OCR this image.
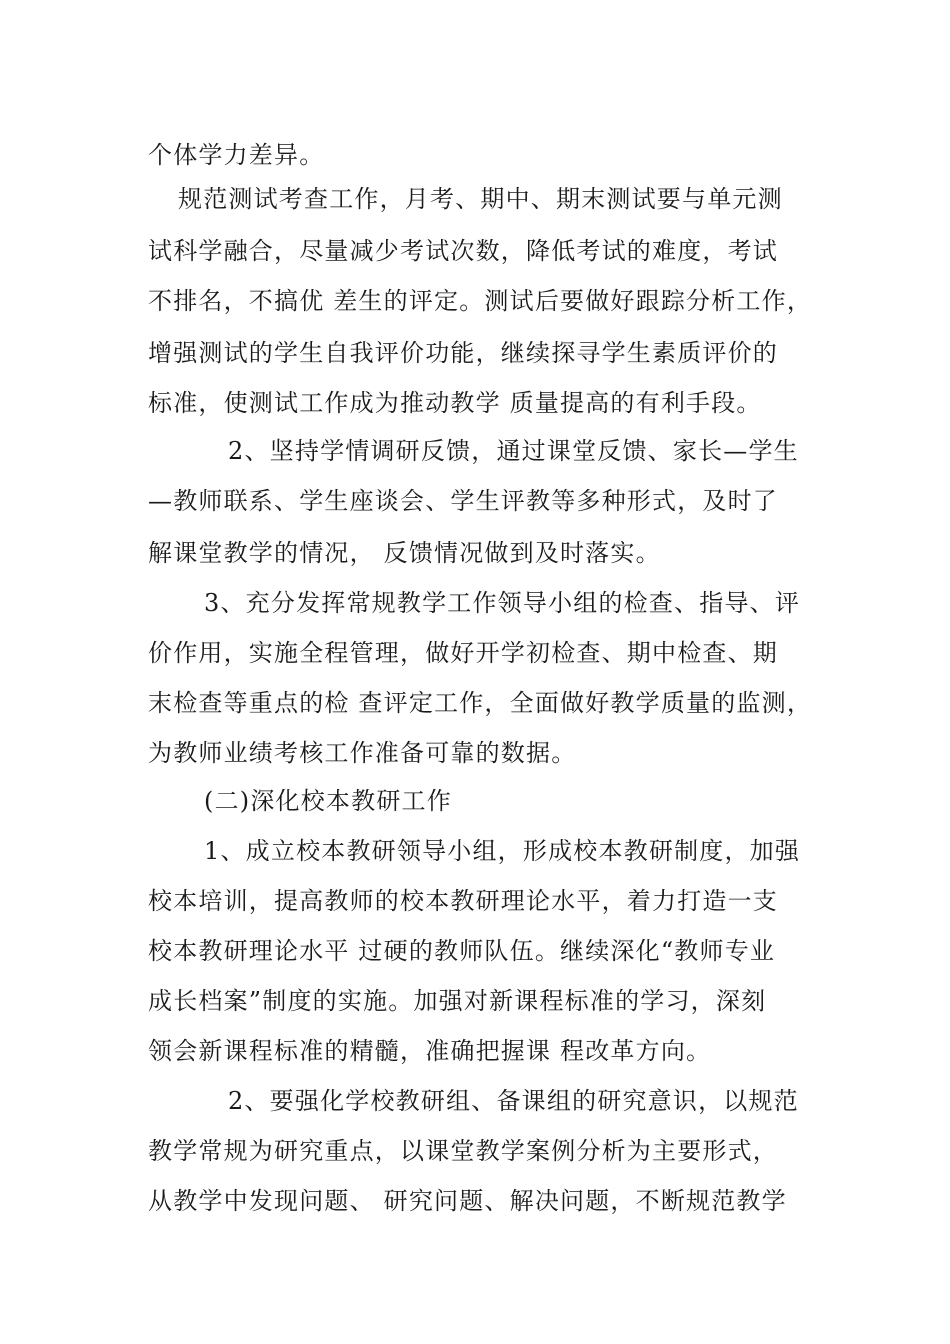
个体学力差异。
规范测试考查工作，月考、期中、期末测试要与单元测
试科学融合，尽量减少考试次数，降低考试的难度，考试
不排名，不搞优 差生的评定。测试后要做好跟踪分析工作，
增强测试的学生自我评价功能，继续探寻学生素质评价的
标准，使测试工作成为推动教学 质量提高的有利手段。
2、坚持学情调研反馈，通过课堂反馈、家长—学生
—教师联系、学生座谈会、学生评教等多种形式，及时了
解课堂教学的情况， 反馈情况做到及时落实。
3、充分发挥常规教学工作领导小组的检查、指导、评
价作用，实施全程管理，做好开学初检查、期中检查、期
末检查等重点的检 查评定工作，全面做好教学质量的监测，
为教师业绩考核工作准备可靠的数据。
(二)深化校本教研工作
1、成立校本教研领导小组，形成校本教研制度，加强
校本培训，提高教师的校本教研理论水平，着力打造一支
校本教研理论水平 过硬的教师队伍。继续深化“教师专业
成长档案”制度的实施。加强对新课程标准的学习，深刻
领会新课程标准的精髓，准确把握课 程改革方向。
2、要强化学校教研组、备课组的研究意识，以规范
教学常规为研究重点，以课堂教学案例分析为主要形式，
从教学中发现问题、 研究问题、解决问题，不断规范教学
